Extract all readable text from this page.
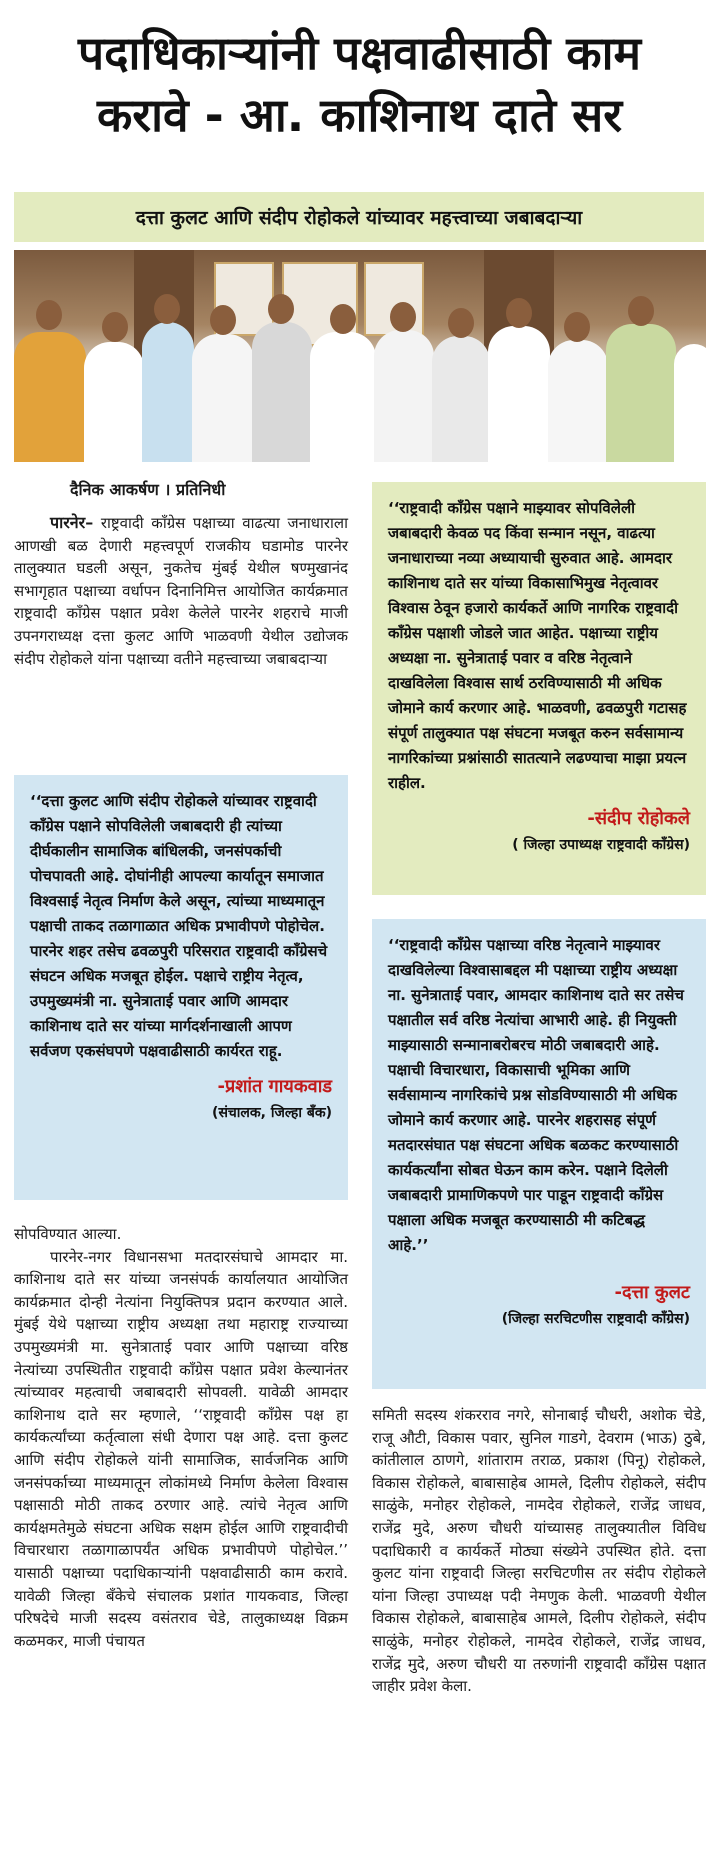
पदाधिकाऱ्यांनी पक्षवाढीसाठी काम
करावे - आ. काशिनाथ दाते सर
दत्ता कुलट आणि संदीप रोहोकले यांच्यावर महत्त्वाच्या जबाबदाऱ्या
दैनिक आकर्षण । प्रतिनिधी

पारनेर– राष्ट्रवादी काँग्रेस पक्षाच्या वाढत्या जनाधाराला आणखी बळ देणारी महत्त्वपूर्ण राजकीय घडामोड पारनेर तालुक्यात घडली असून, नुकतेच मुंबई येथील षण्मुखानंद सभागृहात पक्षाच्या वर्धापन दिनानिमित्त आयोजित कार्यक्रमात राष्ट्रवादी काँग्रेस पक्षात प्रवेश केलेले पारनेर शहराचे माजी उपनगराध्यक्ष दत्ता कुलट आणि भाळवणी येथील उद्योजक संदीप रोहोकले यांना पक्षाच्या वतीने महत्त्वाच्या जबाबदाऱ्या

‘‘राष्ट्रवादी काँग्रेस पक्षाने माझ्यावर सोपविलेली जबाबदारी केवळ पद किंवा सन्मान नसून, वाढत्या जनाधाराच्या नव्या अध्यायाची सुरुवात आहे. आमदार काशिनाथ दाते सर यांच्या विकासाभिमुख नेतृत्वावर विश्वास ठेवून हजारो कार्यकर्ते आणि नागरिक राष्ट्रवादी काँग्रेस पक्षाशी जोडले जात आहेत. पक्षाच्या राष्ट्रीय अध्यक्षा ना. सुनेत्राताई पवार व वरिष्ठ नेतृत्वाने दाखविलेला विश्वास सार्थ ठरविण्यासाठी मी अधिक जोमाने कार्य करणार आहे. भाळवणी, ढवळपुरी गटासह संपूर्ण तालुक्यात पक्ष संघटना मजबूत करुन सर्वसामान्य नागरिकांच्या प्रश्नांसाठी सातत्याने लढण्याचा माझा प्रयत्न राहील.
-संदीप रोहोकले
( जिल्हा उपाध्यक्ष राष्ट्रवादी काँग्रेस)
‘‘दत्ता कुलट आणि संदीप रोहोकले यांच्यावर राष्ट्रवादी काँग्रेस पक्षाने सोपविलेली जबाबदारी ही त्यांच्या दीर्घकालीन सामाजिक बांधिलकी, जनसंपर्काची पोचपावती आहे. दोघांनीही आपल्या कार्यातून समाजात विश्वसाई नेतृत्व निर्माण केले असून, त्यांच्या माध्यमातून पक्षाची ताकद तळागाळात अधिक प्रभावीपणे पोहोचेल. पारनेर शहर तसेच ढवळपुरी परिसरात राष्ट्रवादी काँग्रेसचे संघटन अधिक मजबूत होईल. पक्षाचे राष्ट्रीय नेतृत्व, उपमुख्यमंत्री ना. सुनेत्राताई पवार आणि आमदार काशिनाथ दाते सर यांच्या मार्गदर्शनाखाली आपण सर्वजण एकसंघपणे पक्षवाढीसाठी कार्यरत राहू.
-प्रशांत गायकवाड
(संचालक, जिल्हा बँक)
‘‘राष्ट्रवादी काँग्रेस पक्षाच्या वरिष्ठ नेतृत्वाने माझ्यावर दाखविलेल्या विश्वासाबद्दल मी पक्षाच्या राष्ट्रीय अध्यक्षा ना. सुनेत्राताई पवार, आमदार काशिनाथ दाते सर तसेच पक्षातील सर्व वरिष्ठ नेत्यांचा आभारी आहे. ही नियुक्ती माझ्यासाठी सन्मानाबरोबरच मोठी जबाबदारी आहे. पक्षाची विचारधारा, विकासाची भूमिका आणि सर्वसामान्य नागरिकांचे प्रश्न सोडविण्यासाठी मी अधिक जोमाने कार्य करणार आहे. पारनेर शहरासह संपूर्ण मतदारसंघात पक्ष संघटना अधिक बळकट करण्यासाठी कार्यकर्त्यांना सोबत घेऊन काम करेन. पक्षाने दिलेली जबाबदारी प्रामाणिकपणे पार पाडून राष्ट्रवादी काँग्रेस पक्षाला अधिक मजबूत करण्यासाठी मी कटिबद्ध आहे.’’
-दत्ता कुलट
(जिल्हा सरचिटणीस राष्ट्रवादी काँग्रेस)

सोपविण्यात आल्या.

पारनेर-नगर विधानसभा मतदारसंघाचे आमदार मा. काशिनाथ दाते सर यांच्या जनसंपर्क कार्यालयात आयोजित कार्यक्रमात दोन्ही नेत्यांना नियुक्तिपत्र प्रदान करण्यात आले. मुंबई येथे पक्षाच्या राष्ट्रीय अध्यक्षा तथा महाराष्ट्र राज्याच्या उपमुख्यमंत्री मा. सुनेत्राताई पवार आणि पक्षाच्या वरिष्ठ नेत्यांच्या उपस्थितीत राष्ट्रवादी काँग्रेस पक्षात प्रवेश केल्यानंतर त्यांच्यावर महत्वाची जबाबदारी सोपवली. यावेळी आमदार काशिनाथ दाते सर म्हणाले, ‘‘राष्ट्रवादी काँग्रेस पक्ष हा कार्यकर्त्यांच्या कर्तृत्वाला संधी देणारा पक्ष आहे. दत्ता कुलट आणि संदीप रोहोकले यांनी सामाजिक, सार्वजनिक आणि जनसंपर्काच्या माध्यमातून लोकांमध्ये निर्माण केलेला विश्वास पक्षासाठी मोठी ताकद ठरणार आहे. त्यांचे नेतृत्व आणि कार्यक्षमतेमुळे संघटना अधिक सक्षम होईल आणि राष्ट्रवादीची विचारधारा तळागाळापर्यंत अधिक प्रभावीपणे पोहोचेल.’’ यासाठी पक्षाच्या पदाधिकाऱ्यांनी पक्षवाढीसाठी काम करावे. यावेळी जिल्हा बँकेचे संचालक प्रशांत गायकवाड, जिल्हा परिषदेचे माजी सदस्य वसंतराव चेडे, तालुकाध्यक्ष विक्रम कळमकर, माजी पंचायत

समिती सदस्य शंकरराव नगरे, सोनाबाई चौधरी, अशोक चेडे, राजू औटी, विकास पवार, सुनिल गाडगे, देवराम (भाऊ) ठुबे, कांतीलाल ठाणगे, शांताराम तराळ, प्रकाश (पिनू) रोहोकले, विकास रोहोकले, बाबासाहेब आमले, दिलीप रोहोकले, संदीप साळुंके, मनोहर रोहोकले, नामदेव रोहोकले, राजेंद्र जाधव, राजेंद्र मुदे, अरुण चौधरी यांच्यासह तालुक्यातील विविध पदाधिकारी व कार्यकर्ते मोठ्या संख्येने उपस्थित होते. दत्ता कुलट यांना राष्ट्रवादी जिल्हा सरचिटणीस तर संदीप रोहोकले यांना जिल्हा उपाध्यक्ष पदी नेमणुक केली. भाळवणी येथील विकास रोहोकले, बाबासाहेब आमले, दिलीप रोहोकले, संदीप साळुंके, मनोहर रोहोकले, नामदेव रोहोकले, राजेंद्र जाधव, राजेंद्र मुदे, अरुण चौधरी या तरुणांनी राष्ट्रवादी काँग्रेस पक्षात जाहीर प्रवेश केला.
